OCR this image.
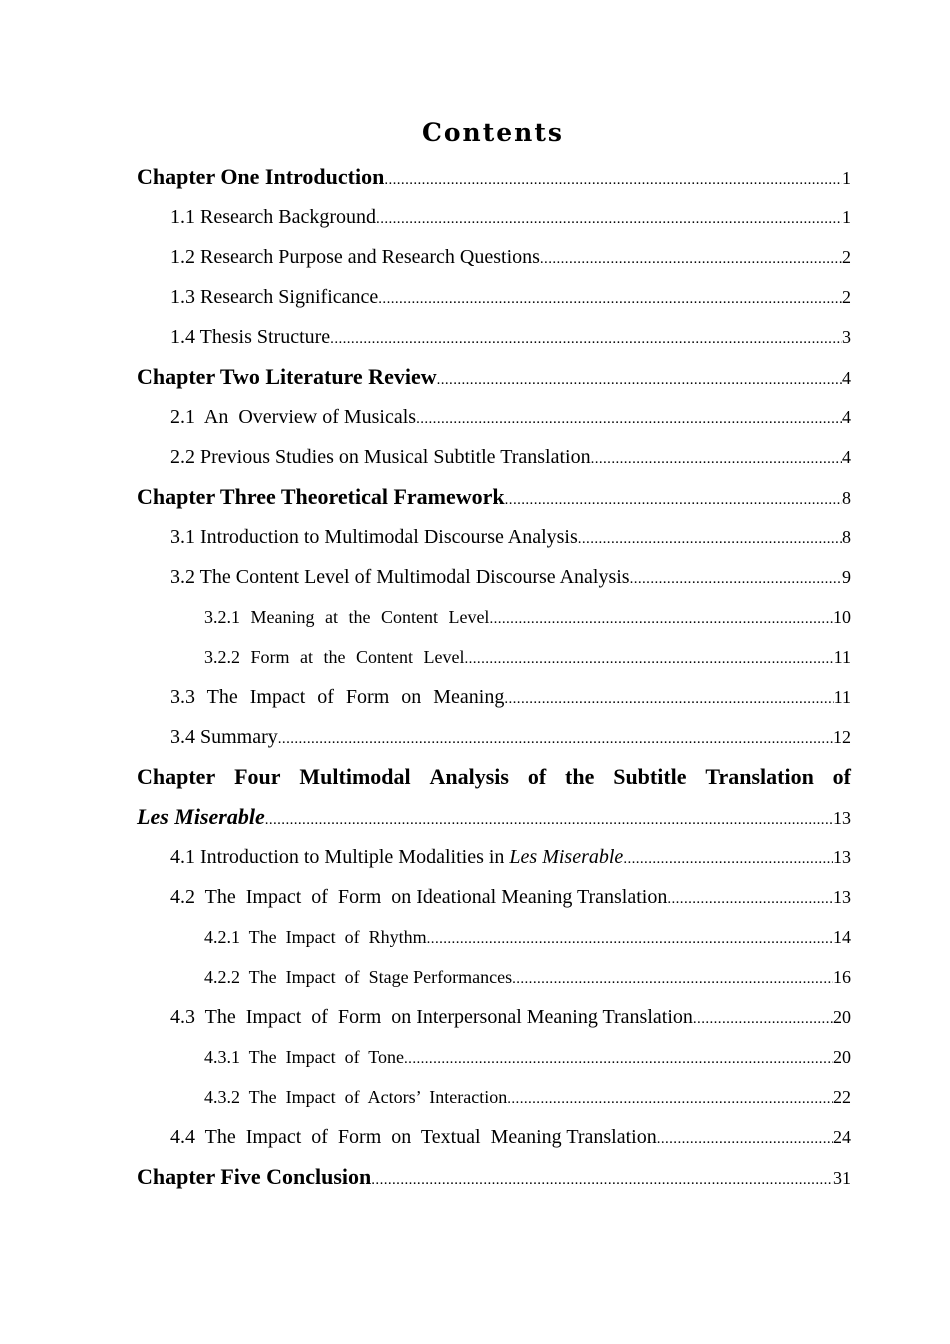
Contents
Chapter One Introduction .....	1
1.1 Research Background .....	1
1.2 Research Purpose and Research Questions .....	2
1.3 Research Significance .....	2
1.4 Thesis Structure .....	3
Chapter Two Literature Review .....	4
2.1  An  Overview of Musicals .....	4
2.2 Previous Studies on Musical Subtitle Translation .....	4
Chapter Three Theoretical Framework .....	8
3.1 Introduction to Multimodal Discourse Analysis .....	8
3.2 The Content Level of Multimodal Discourse Analysis .....	9
3.2.1 Meaning at the Content Level .....	10
3.2.2 Form at the Content Level .....	11
3.3 The Impact of Form on Meaning .....	11
3.4 Summary .....	12
Chapter Four Multimodal Analysis of the Subtitle Translation of
Les Miserable .....	13
4.1 Introduction to Multiple Modalities in Les Miserable .....	13
4.2  The  Impact  of  Form  on Ideational Meaning Translation .....	13
4.2.1  The  Impact  of  Rhythm .....	14
4.2.2  The  Impact  of  Stage Performances .....	16
4.3  The  Impact  of  Form  on Interpersonal Meaning Translation .....	20
4.3.1  The  Impact  of  Tone .....	20
4.3.2  The  Impact  of  Actors’  Interaction .....	22
4.4  The  Impact  of  Form  on  Textual  Meaning Translation .....	24
Chapter Five Conclusion .....	31
